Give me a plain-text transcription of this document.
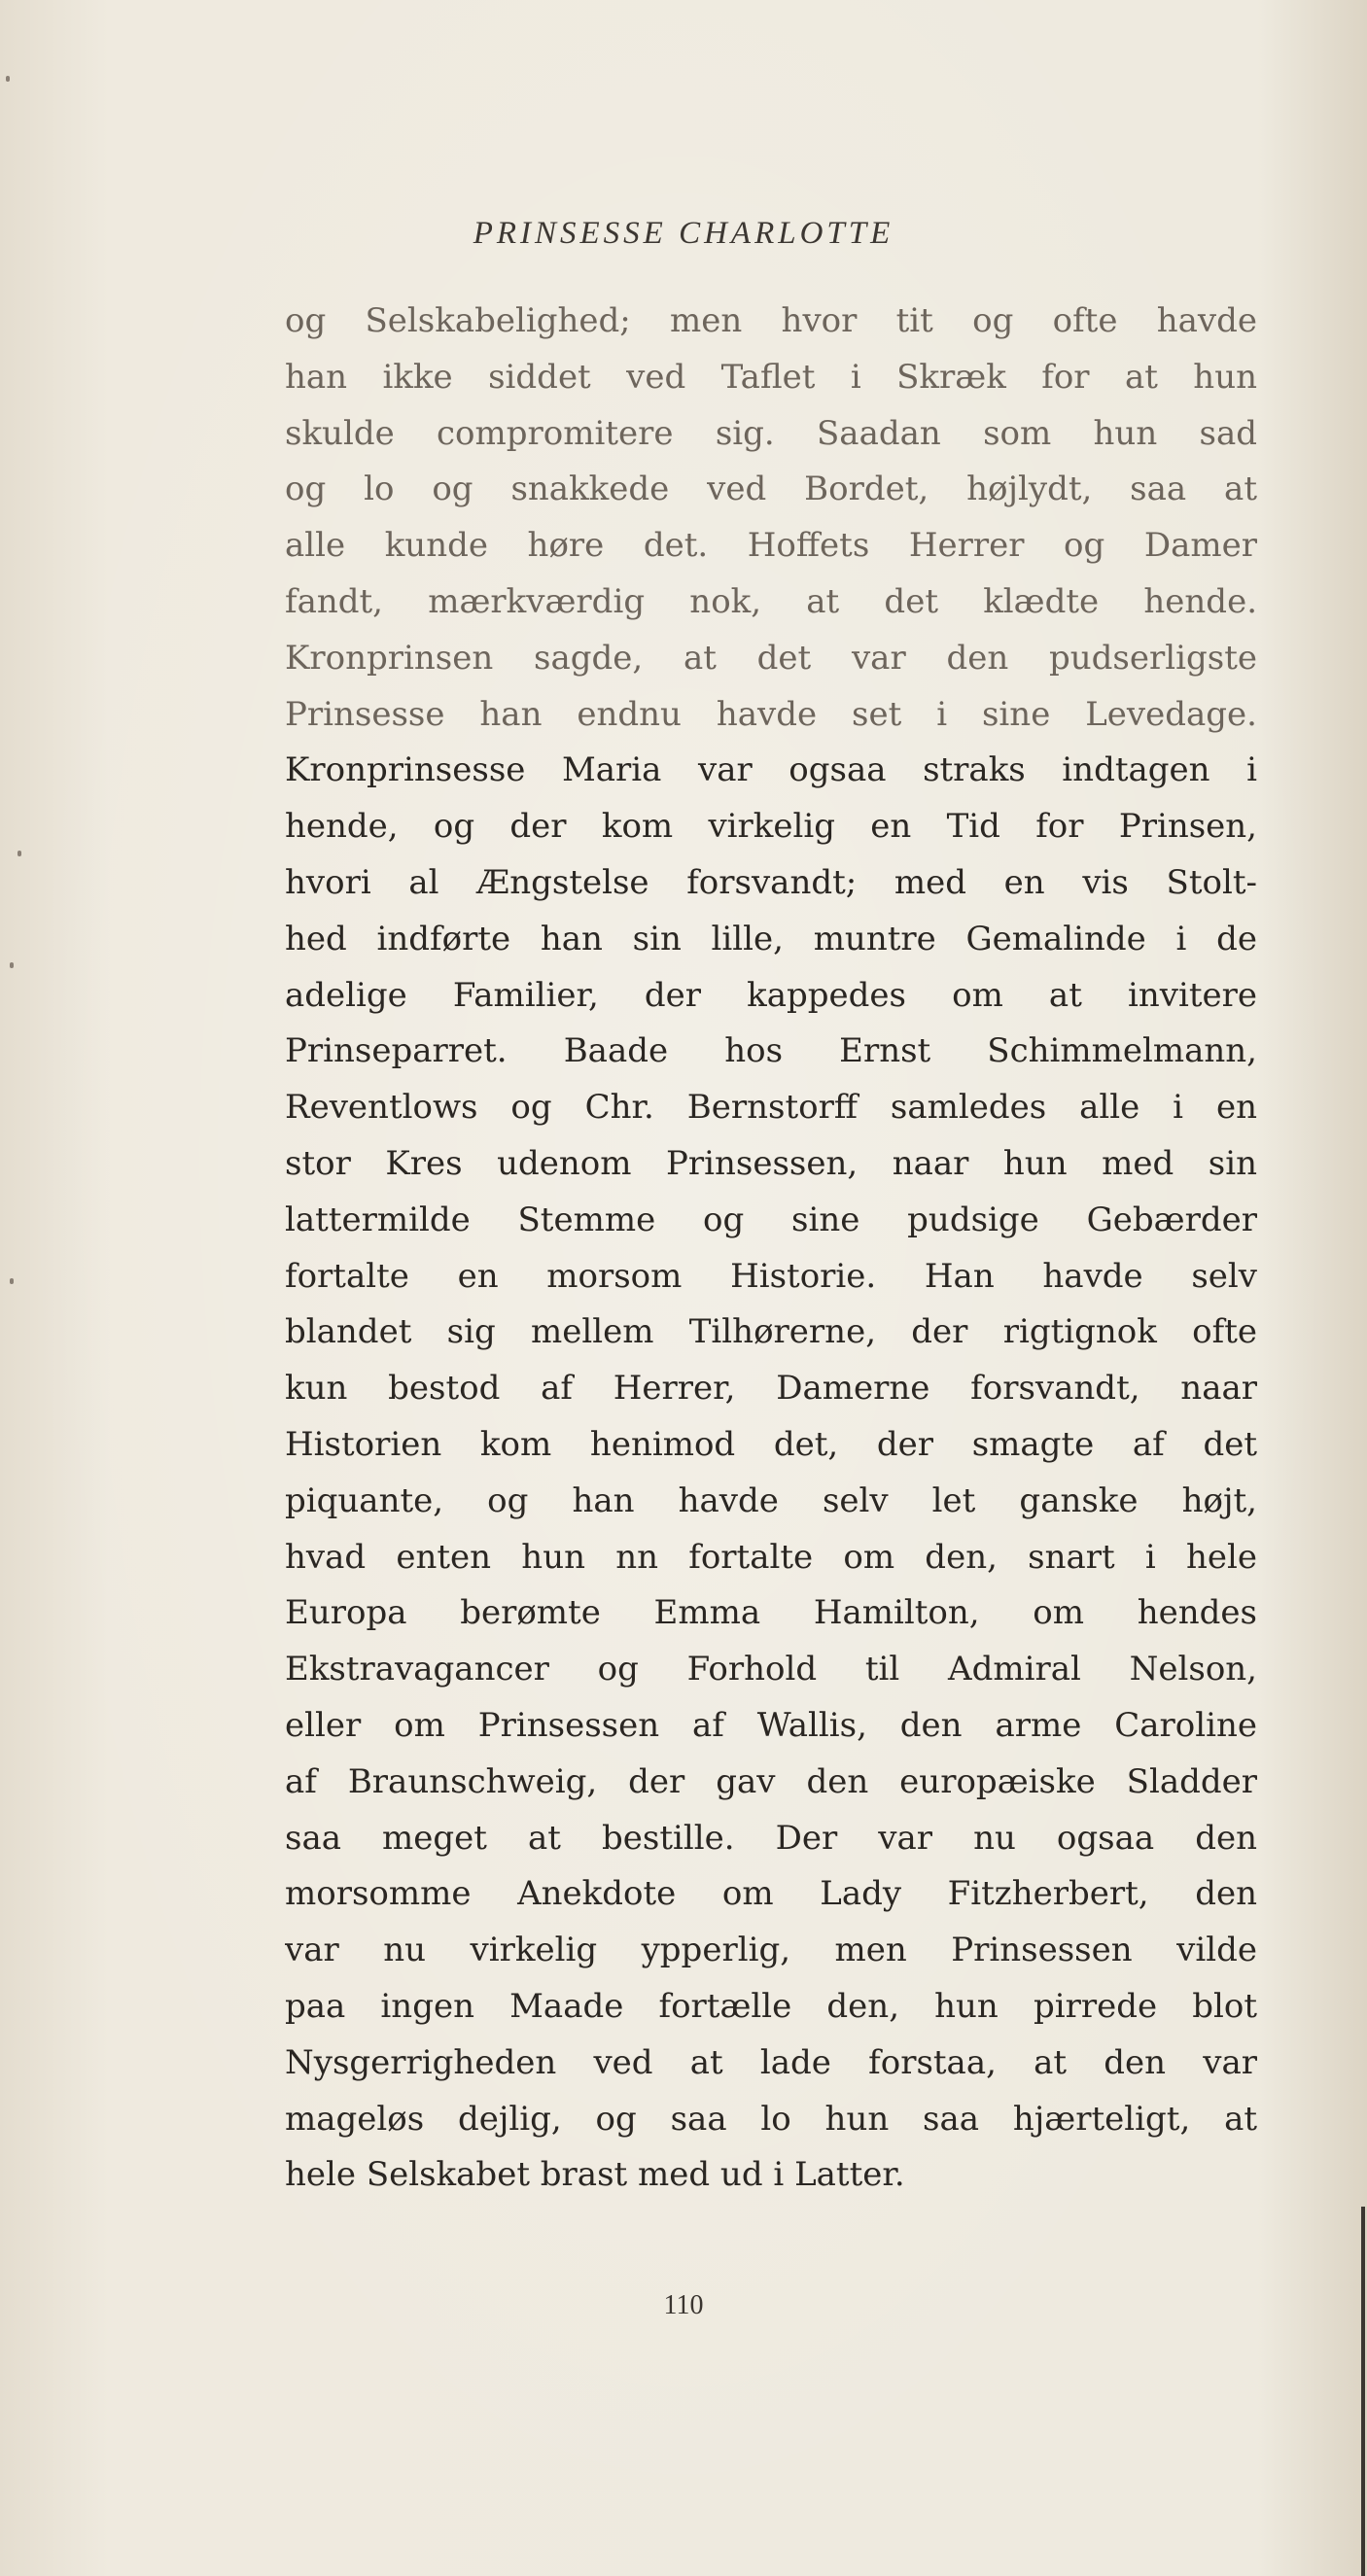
PRINSESSE CHARLOTTE
og Selskabelighed; men hvor tit og ofte havde
han ikke siddet ved Taflet i Skræk for at hun
skulde compromitere sig. Saadan som hun sad
og lo og snakkede ved Bordet, højlydt, saa at
alle kunde høre det. Hoffets Herrer og Damer
fandt, mærkværdig nok, at det klædte hende.
Kronprinsen sagde, at det var den pudserligste
Prinsesse han endnu havde set i sine Levedage.
Kronprinsesse Maria var ogsaa straks indtagen i
hende, og der kom virkelig en Tid for Prinsen,
hvori al Ængstelse forsvandt; med en vis Stolt-
hed indførte han sin lille, muntre Gemalinde i de
adelige Familier, der kappedes om at invitere
Prinseparret. Baade hos Ernst Schimmelmann,
Reventlows og Chr. Bernstorff samledes alle i en
stor Kres udenom Prinsessen, naar hun med sin
lattermilde Stemme og sine pudsige Gebærder
fortalte en morsom Historie. Han havde selv
blandet sig mellem Tilhørerne, der rigtignok ofte
kun bestod af Herrer, Damerne forsvandt, naar
Historien kom henimod det, der smagte af det
piquante, og han havde selv let ganske højt,
hvad enten hun nn fortalte om den, snart i hele
Europa berømte Emma Hamilton, om hendes
Ekstravagancer og Forhold til Admiral Nelson,
eller om Prinsessen af Wallis, den arme Caroline
af Braunschweig, der gav den europæiske Sladder
saa meget at bestille. Der var nu ogsaa den
morsomme Anekdote om Lady Fitzherbert, den
var nu virkelig ypperlig, men Prinsessen vilde
paa ingen Maade fortælle den, hun pirrede blot
Nysgerrigheden ved at lade forstaa, at den var
mageløs dejlig, og saa lo hun saa hjærteligt, at
hele Selskabet brast med ud i Latter.
110
